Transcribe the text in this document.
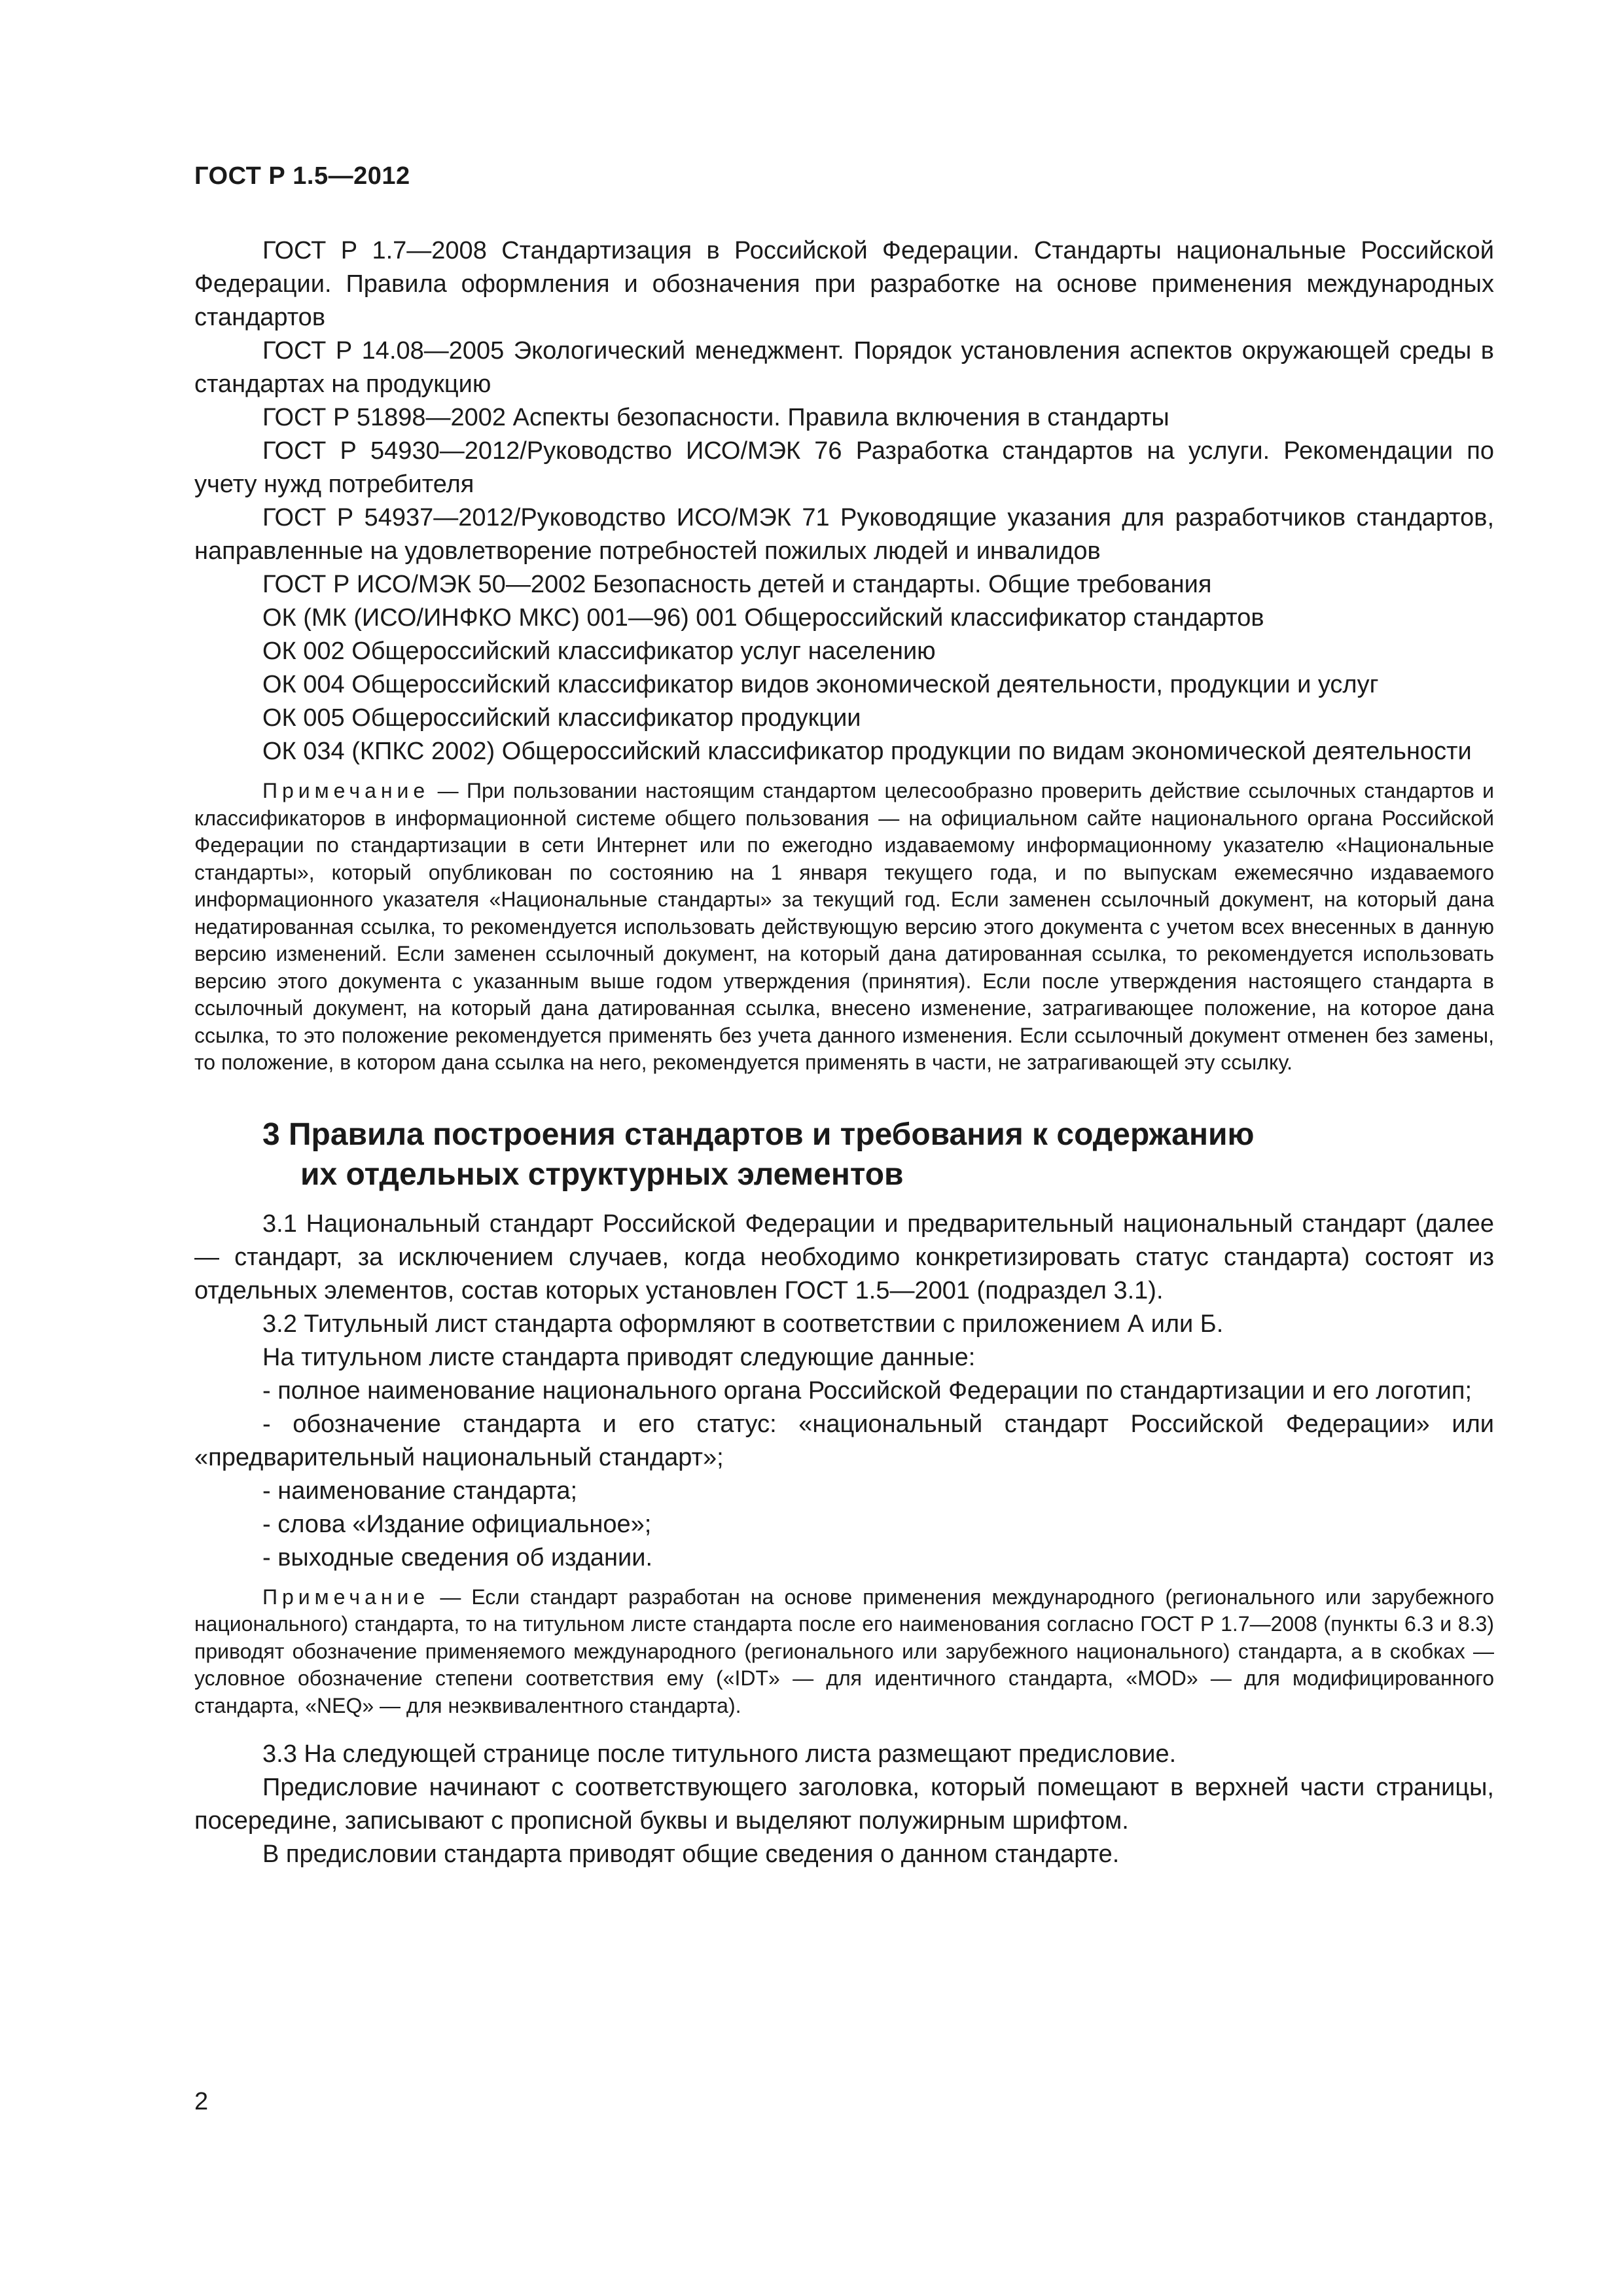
ГОСТ Р 1.5—2012

ГОСТ Р 1.7—2008 Стандартизация в Российской Федерации. Стандарты национальные Российской Федерации. Правила оформления и обозначения при разработке на основе применения международных стандартов

ГОСТ Р 14.08—2005 Экологический менеджмент. Порядок установления аспектов окружающей среды в стандартах на продукцию

ГОСТ Р 51898—2002 Аспекты безопасности. Правила включения в стандарты

ГОСТ Р 54930—2012/Руководство ИСО/МЭК 76 Разработка стандартов на услуги. Рекомендации по учету нужд потребителя

ГОСТ Р 54937—2012/Руководство ИСО/МЭК 71 Руководящие указания для разработчиков стандартов, направленные на удовлетворение потребностей пожилых людей и инвалидов

ГОСТ Р ИСО/МЭК 50—2002 Безопасность детей и стандарты. Общие требования

ОК (МК (ИСО/ИНФКО МКС) 001—96) 001 Общероссийский классификатор стандартов

ОК 002 Общероссийский классификатор услуг населению

ОК 004 Общероссийский классификатор видов экономической деятельности, продукции и услуг

ОК 005 Общероссийский классификатор продукции

ОК 034 (КПКС 2002) Общероссийский классификатор продукции по видам экономической деятельности

Примечание — При пользовании настоящим стандартом целесообразно проверить действие ссылочных стандартов и классификаторов в информационной системе общего пользования — на официальном сайте национального органа Российской Федерации по стандартизации в сети Интернет или по ежегодно издаваемому информационному указателю «Национальные стандарты», который опубликован по состоянию на 1 января текущего года, и по выпускам ежемесячно издаваемого информационного указателя «Национальные стандарты» за текущий год. Если заменен ссылочный документ, на который дана недатированная ссылка, то рекомендуется использовать действующую версию этого документа с учетом всех внесенных в данную версию изменений. Если заменен ссылочный документ, на который дана датированная ссылка, то рекомендуется использовать версию этого документа с указанным выше годом утверждения (принятия). Если после утверждения настоящего стандарта в ссылочный документ, на который дана датированная ссылка, внесено изменение, затрагивающее положение, на которое дана ссылка, то это положение рекомендуется применять без учета данного изменения. Если ссылочный документ отменен без замены, то положение, в котором дана ссылка на него, рекомендуется применять в части, не затрагивающей эту ссылку.

3 Правила построения стандартов и требования к содержанию

их отдельных структурных элементов

3.1 Национальный стандарт Российской Федерации и предварительный национальный стандарт (далее — стандарт, за исключением случаев, когда необходимо конкретизировать статус стандарта) состоят из отдельных элементов, состав которых установлен ГОСТ 1.5—2001 (подраздел 3.1).

3.2 Титульный лист стандарта оформляют в соответствии с приложением А или Б.

На титульном листе стандарта приводят следующие данные:

- полное наименование национального органа Российской Федерации по стандартизации и его логотип;

- обозначение стандарта и его статус: «национальный стандарт Российской Федерации» или «предварительный национальный стандарт»;

- наименование стандарта;

- слова «Издание официальное»;

- выходные сведения об издании.

Примечание — Если стандарт разработан на основе применения международного (регионального или зарубежного национального) стандарта, то на титульном листе стандарта после его наименования согласно ГОСТ Р 1.7—2008 (пункты 6.3 и 8.3) приводят обозначение применяемого международного (регионального или зарубежного национального) стандарта, а в скобках — условное обозначение степени соответствия ему («IDT» — для идентичного стандарта, «MOD» — для модифицированного стандарта, «NEQ» — для неэквивалентного стандарта).

3.3 На следующей странице после титульного листа размещают предисловие.

Предисловие начинают с соответствующего заголовка, который помещают в верхней части страницы, посередине, записывают с прописной буквы и выделяют полужирным шрифтом.

В предисловии стандарта приводят общие сведения о данном стандарте.

2
